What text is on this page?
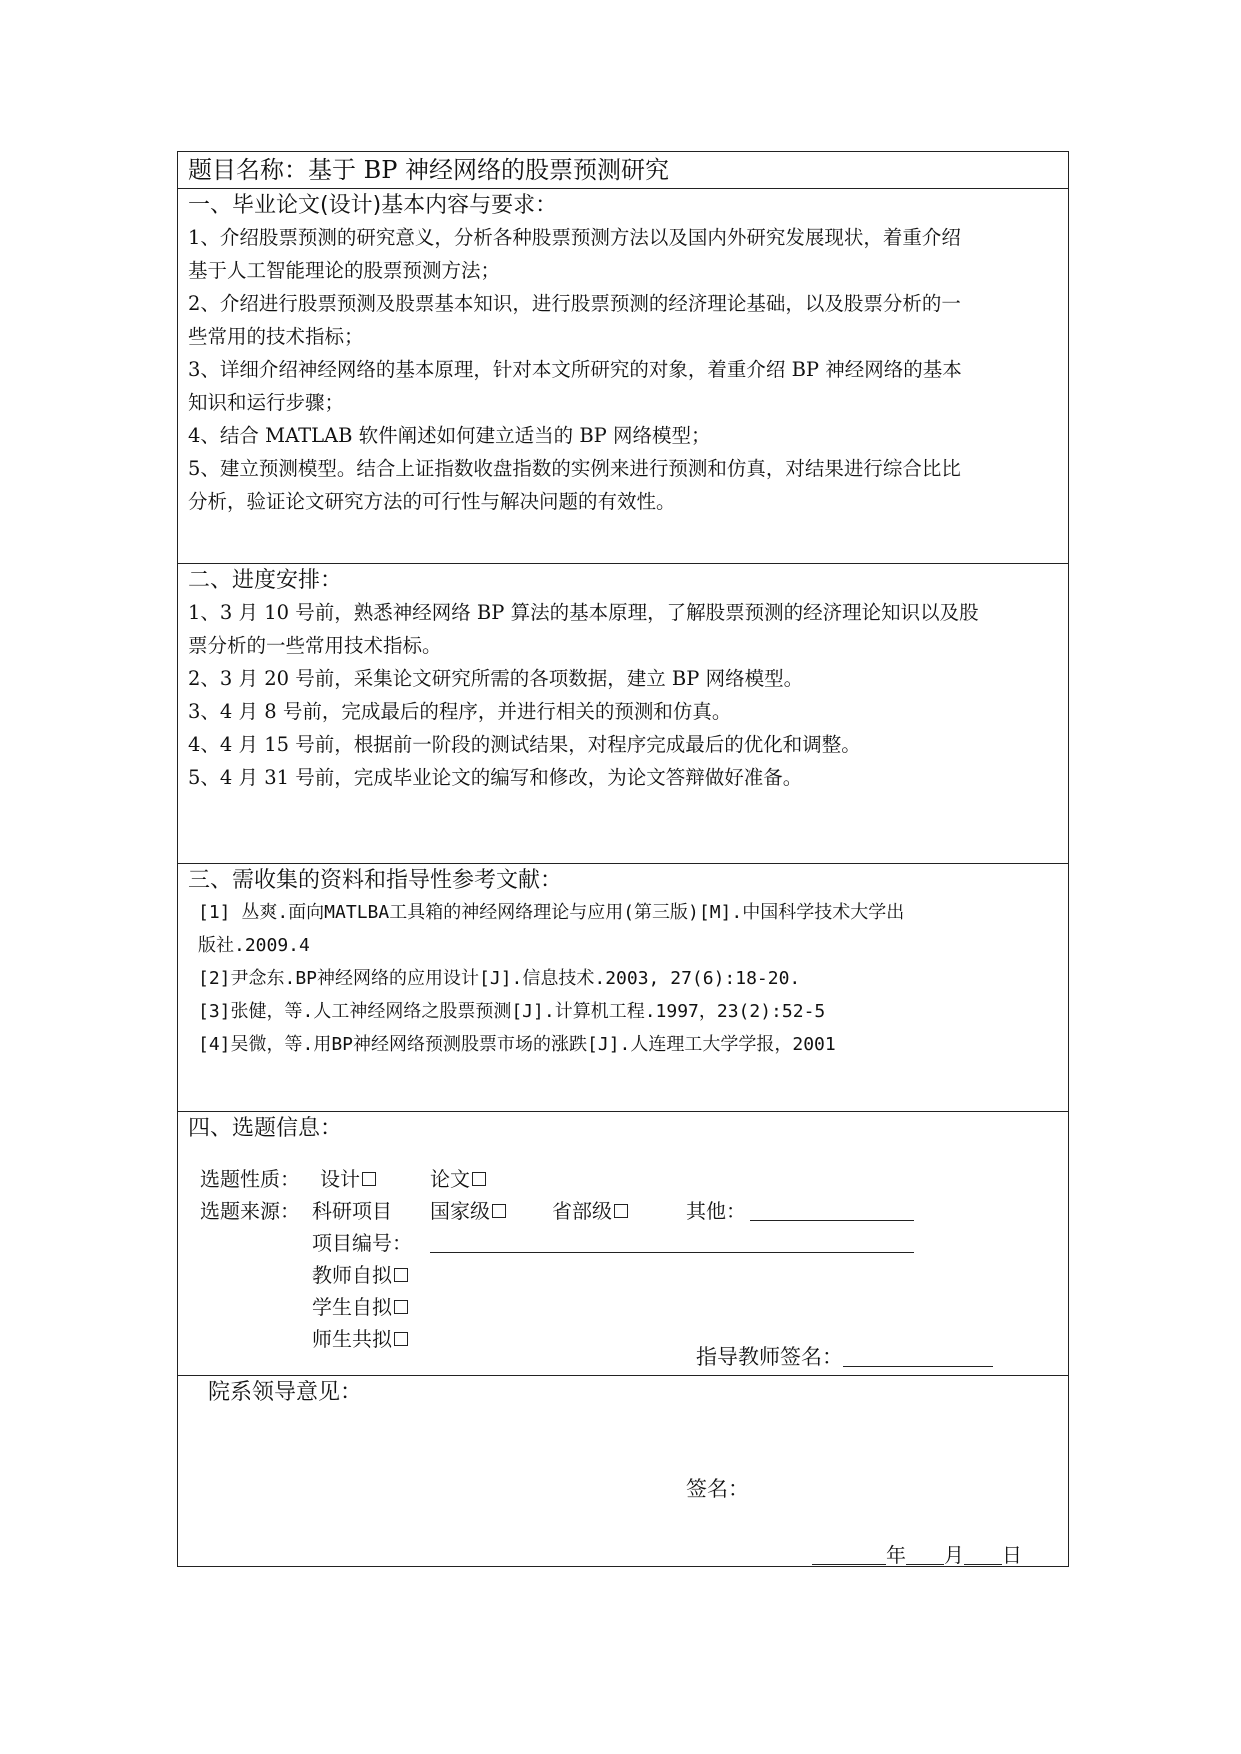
题目名称：基于 BP 神经网络的股票预测研究
一、毕业论文(设计)基本内容与要求：

1、介绍股票预测的研究意义，分析各种股票预测方法以及国内外研究发展现状，着重介绍

基于人工智能理论的股票预测方法；

2、介绍进行股票预测及股票基本知识，进行股票预测的经济理论基础，以及股票分析的一

些常用的技术指标；

3、详细介绍神经网络的基本原理，针对本文所研究的对象，着重介绍 BP 神经网络的基本

知识和运行步骤；

4、结合 MATLAB 软件阐述如何建立适当的 BP 网络模型；

5、建立预测模型。结合上证指数收盘指数的实例来进行预测和仿真，对结果进行综合比比

分析，验证论文研究方法的可行性与解决问题的有效性。

二、进度安排：

1、3 月 10 号前，熟悉神经网络 BP 算法的基本原理，了解股票预测的经济理论知识以及股

票分析的一些常用技术指标。

2、3 月 20 号前，采集论文研究所需的各项数据，建立 BP 网络模型。

3、4 月 8 号前，完成最后的程序，并进行相关的预测和仿真。

4、4 月 15 号前，根据前一阶段的测试结果，对程序完成最后的优化和调整。

5、4 月 31 号前，完成毕业论文的编写和修改，为论文答辩做好准备。

三、需收集的资料和指导性参考文献：

[1] 丛爽.面向MATLBA工具箱的神经网络理论与应用(第三版)[M].中国科学技术大学出

版社.2009.4

[2]尹念东.BP神经网络的应用设计[J].信息技术.2003, 27(6):18-20.

[3]张健，等.人工神经网络之股票预测[J].计算机工程.1997，23(2):52-5

[4]吴微，等.用BP神经网络预测股票市场的涨跌[J].人连理工大学学报，2001

四、选题信息：
选题性质： 设计	论文
选题来源： 科研项目 国家级	省部级	其他：
项目编号：
教师自拟
学生自拟
师生共拟
指导教师签名：
院系领导意见：
签名：
年 月 日
